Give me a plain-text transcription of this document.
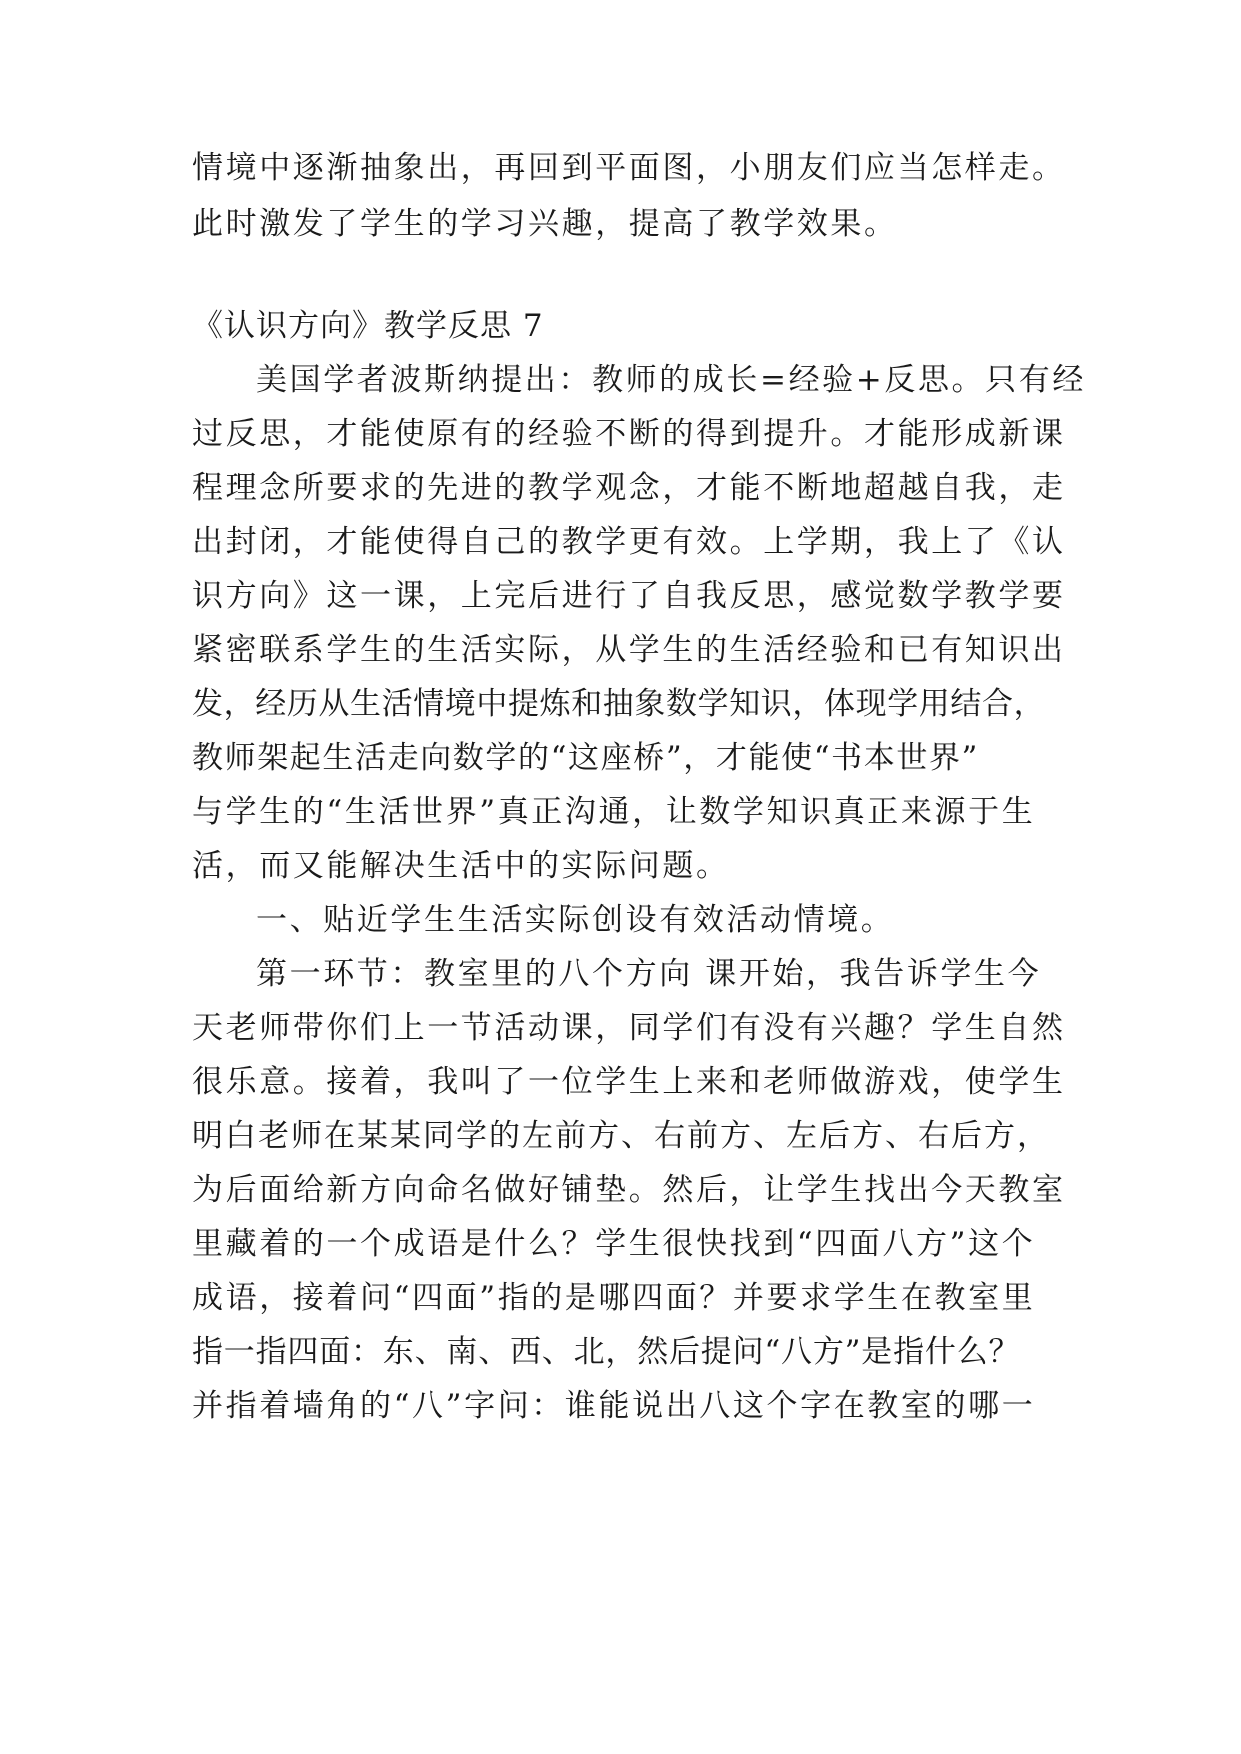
情境中逐渐抽象出，再回到平面图，小朋友们应当怎样走。
此时激发了学生的学习兴趣，提高了教学效果。
《认识方向》教学反思 7
美国学者波斯纳提出：教师的成长=经验+反思。只有经
过反思，才能使原有的经验不断的得到提升。才能形成新课
程理念所要求的先进的教学观念，才能不断地超越自我，走
出封闭，才能使得自己的教学更有效。上学期，我上了《认
识方向》这一课，上完后进行了自我反思，感觉数学教学要
紧密联系学生的生活实际，从学生的生活经验和已有知识出
发，经历从生活情境中提炼和抽象数学知识，体现学用结合，
教师架起生活走向数学的“这座桥”，才能使“书本世界”
与学生的“生活世界”真正沟通，让数学知识真正来源于生
活，而又能解决生活中的实际问题。
一、贴近学生生活实际创设有效活动情境。
第一环节：教室里的八个方向 课开始，我告诉学生今
天老师带你们上一节活动课，同学们有没有兴趣？学生自然
很乐意。接着，我叫了一位学生上来和老师做游戏，使学生
明白老师在某某同学的左前方、右前方、左后方、右后方，
为后面给新方向命名做好铺垫。然后，让学生找出今天教室
里藏着的一个成语是什么？学生很快找到“四面八方”这个
成语，接着问“四面”指的是哪四面？并要求学生在教室里
指一指四面：东、南、西、北，然后提问“八方”是指什么？
并指着墙角的“八”字问：谁能说出八这个字在教室的哪一
